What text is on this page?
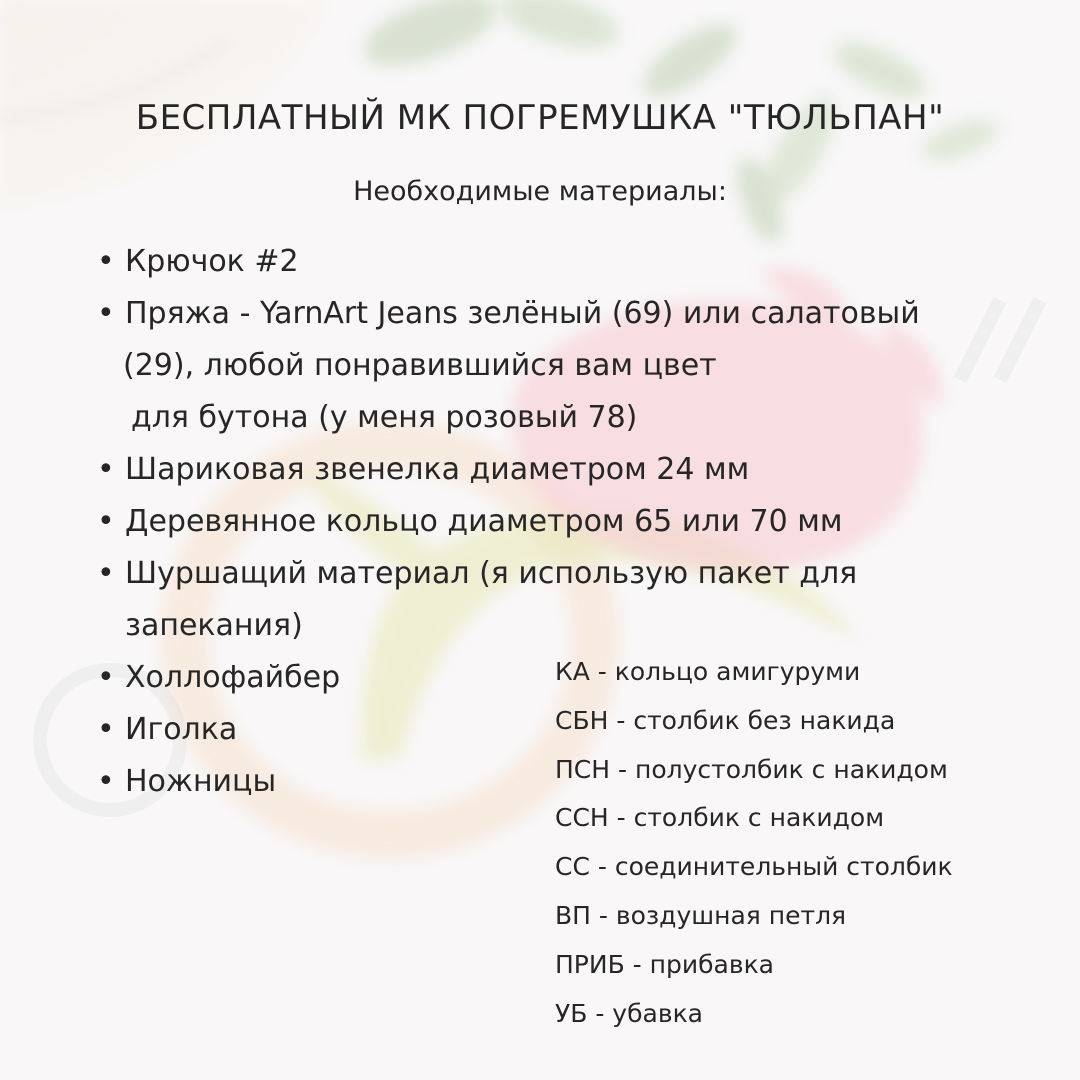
БЕСПЛАТНЫЙ МК ПОГРЕМУШКА "ТЮЛЬПАН"
Необходимые материалы:
• Крючок #2
• Пряжа - YarnArt Jeans зелёный (69) или салатовый
(29), любой понравившийся вам цвет
для бутона (у меня розовый 78)
• Шариковая звенелка диаметром 24 мм
• Деревянное кольцо диаметром 65 или 70 мм
• Шуршащий материал (я использую пакет для
запекания)
• Холлофайбер
• Иголка
• Ножницы
КА - кольцо амигуруми
СБН - столбик без накида
ПСН - полустолбик с накидом
ССН - столбик с накидом
СС - соединительный столбик
ВП - воздушная петля
ПРИБ - прибавка
УБ - убавка
